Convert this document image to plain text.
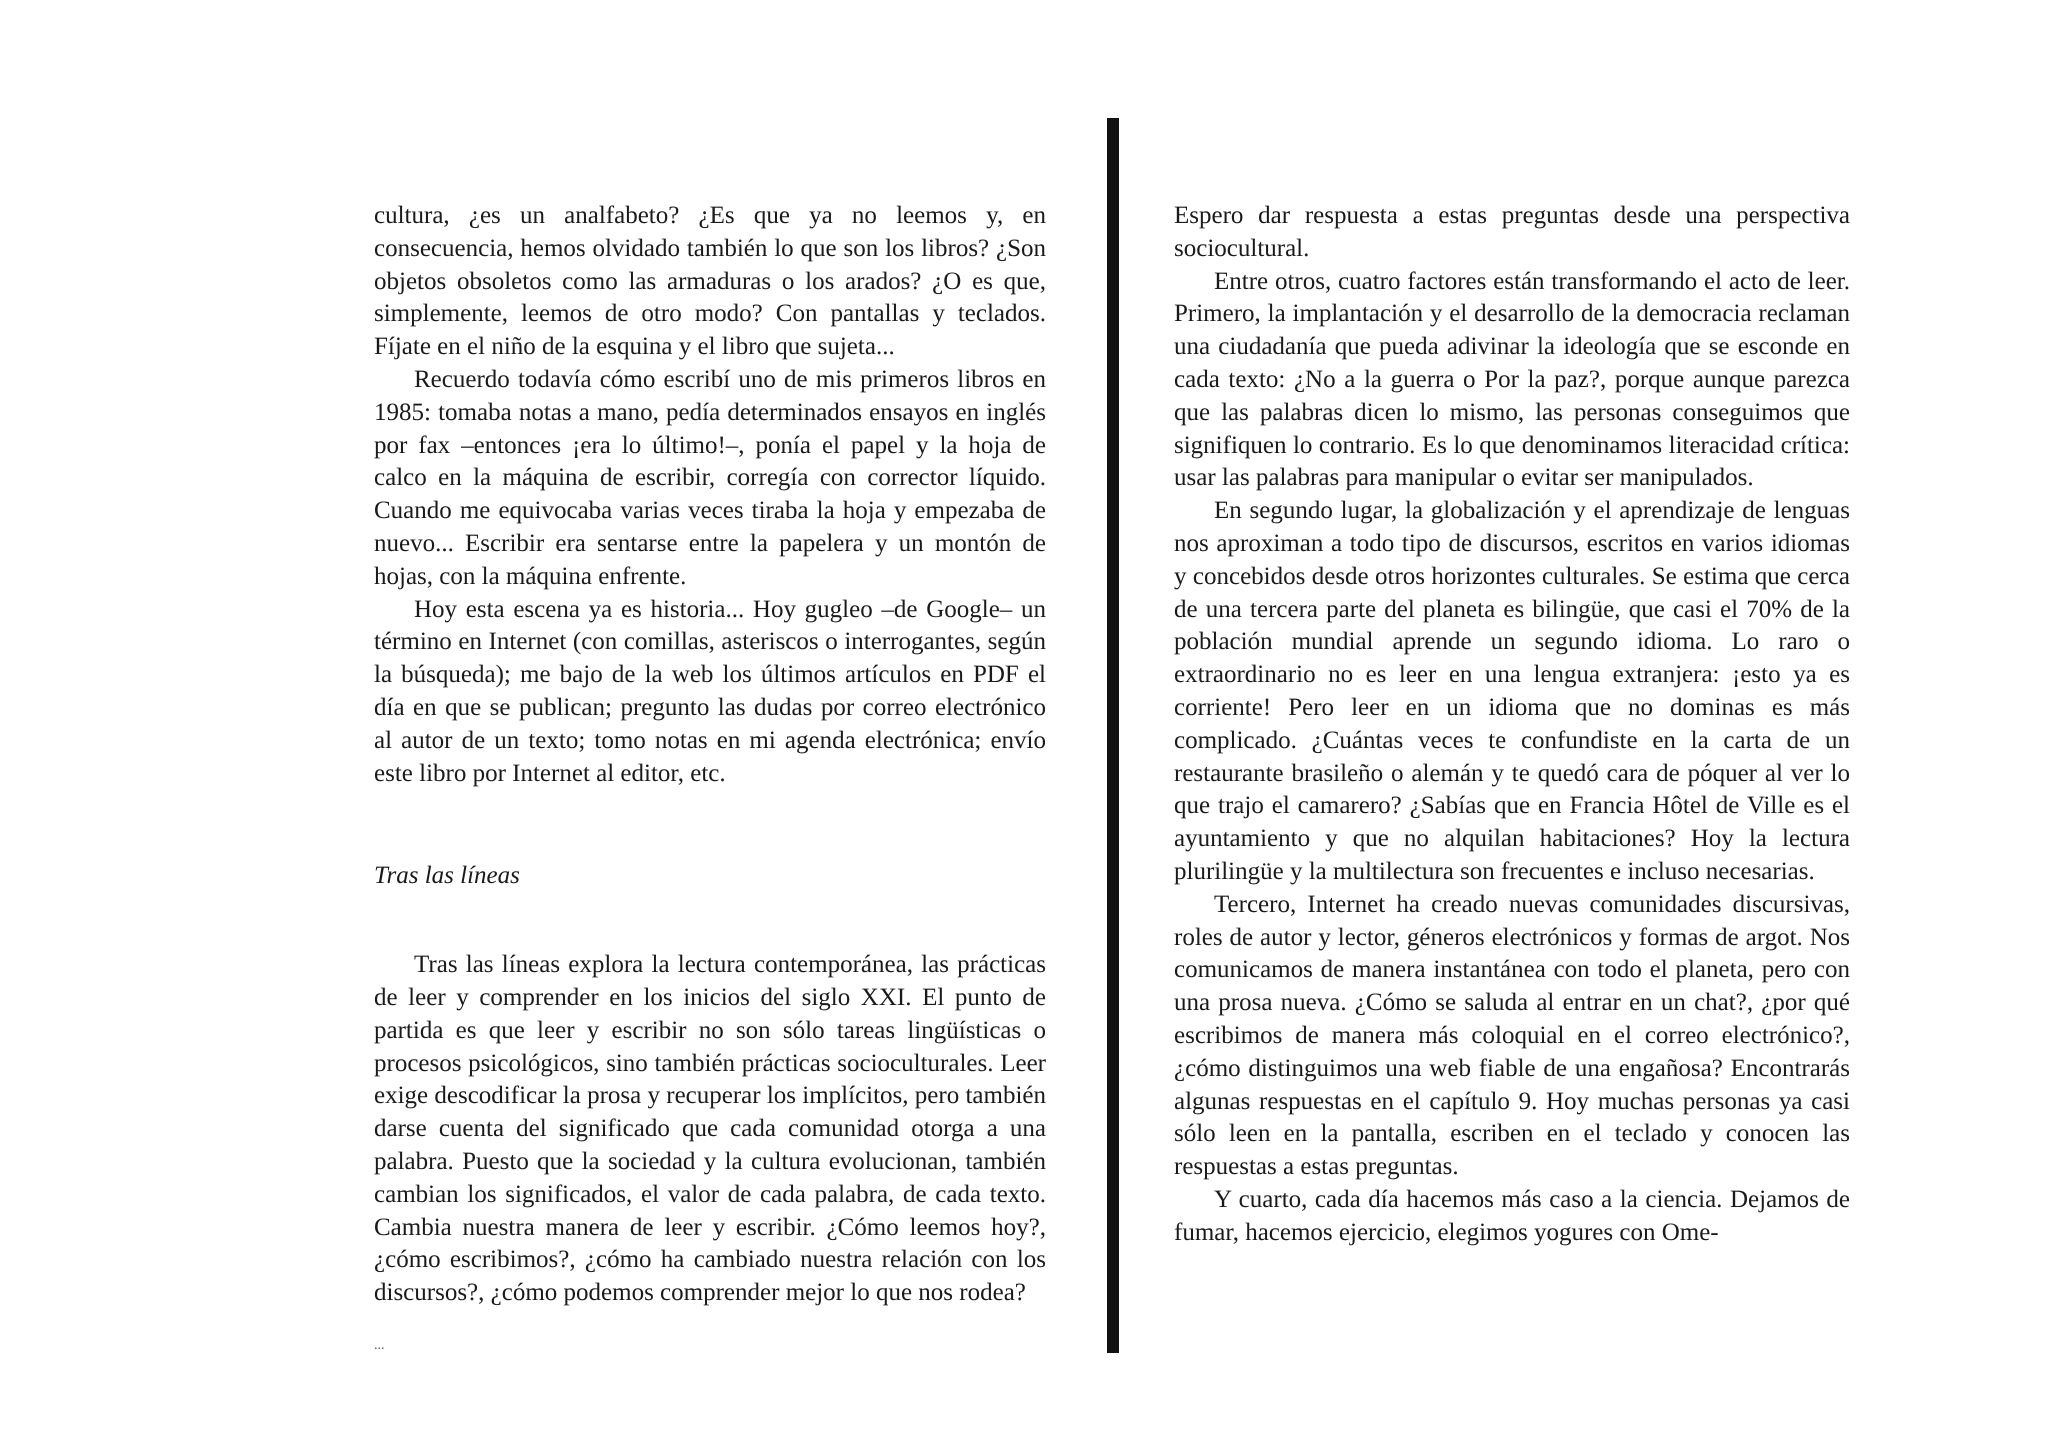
cultura, ¿es un analfabeto? ¿Es que ya no leemos y, en consecuencia, hemos olvidado también lo que son los libros? ¿Son objetos obsoletos como las armaduras o los arados? ¿O es que, simplemente, leemos de otro modo? Con pantallas y teclados. Fíjate en el niño de la esquina y el libro que sujeta...

Recuerdo todavía cómo escribí uno de mis primeros libros en 1985: tomaba notas a mano, pedía determinados ensayos en inglés por fax –entonces ¡era lo último!–, ponía el papel y la hoja de calco en la máquina de escribir, corregía con corrector líquido. Cuando me equivocaba varias veces tiraba la hoja y empezaba de nuevo... Escribir era sentarse entre la papelera y un montón de hojas, con la máquina enfrente.

Hoy esta escena ya es historia... Hoy gugleo –de Google– un término en Internet (con comillas, asteriscos o interrogantes, según la búsqueda); me bajo de la web los últimos artículos en PDF el día en que se publican; pregunto las dudas por correo electrónico al autor de un texto; tomo notas en mi agenda electrónica; envío este libro por Internet al editor, etc.

Tras las líneas

Tras las líneas explora la lectura contemporánea, las prácticas de leer y comprender en los inicios del siglo XXI. El punto de partida es que leer y escribir no son sólo tareas lingüísticas o procesos psicológicos, sino también prácticas socioculturales. Leer exige descodificar la prosa y recuperar los implícitos, pero también darse cuenta del significado que cada comunidad otorga a una palabra. Puesto que la sociedad y la cultura evolucionan, también cambian los significados, el valor de cada palabra, de cada texto. Cambia nuestra manera de leer y escribir. ¿Cómo leemos hoy?, ¿cómo escribimos?, ¿cómo ha cambiado nuestra relación con los discursos?, ¿cómo podemos comprender mejor lo que nos rodea?

Espero dar respuesta a estas preguntas desde una perspectiva sociocultural.

Entre otros, cuatro factores están transformando el acto de leer. Primero, la implantación y el desarrollo de la democracia reclaman una ciudadanía que pueda adivinar la ideología que se esconde en cada texto: ¿No a la guerra o Por la paz?, porque aunque parezca que las palabras dicen lo mismo, las personas conseguimos que signifiquen lo contrario. Es lo que denominamos literacidad crítica: usar las palabras para manipular o evitar ser manipulados.

En segundo lugar, la globalización y el aprendizaje de lenguas nos aproximan a todo tipo de discursos, escritos en varios idiomas y concebidos desde otros horizontes culturales. Se estima que cerca de una tercera parte del planeta es bilingüe, que casi el 70% de la población mundial aprende un segundo idioma. Lo raro o extraordinario no es leer en una lengua extranjera: ¡esto ya es corriente! Pero leer en un idioma que no dominas es más complicado. ¿Cuántas veces te confundiste en la carta de un restaurante brasileño o alemán y te quedó cara de póquer al ver lo que trajo el camarero? ¿Sabías que en Francia Hôtel de Ville es el ayuntamiento y que no alquilan habitaciones? Hoy la lectura plurilingüe y la multilectura son frecuentes e incluso necesarias.

Tercero, Internet ha creado nuevas comunidades discursivas, roles de autor y lector, géneros electrónicos y formas de argot. Nos comunicamos de manera instantánea con todo el planeta, pero con una prosa nueva. ¿Cómo se saluda al entrar en un chat?, ¿por qué escribimos de manera más coloquial en el correo electrónico?, ¿cómo distinguimos una web fiable de una engañosa? Encontrarás algunas respuestas en el capítulo 9. Hoy muchas personas ya casi sólo leen en la pantalla, escriben en el teclado y conocen las respuestas a estas preguntas.

Y cuarto, cada día hacemos más caso a la ciencia. Dejamos de fumar, hacemos ejercicio, elegimos yogures con Ome-

...
